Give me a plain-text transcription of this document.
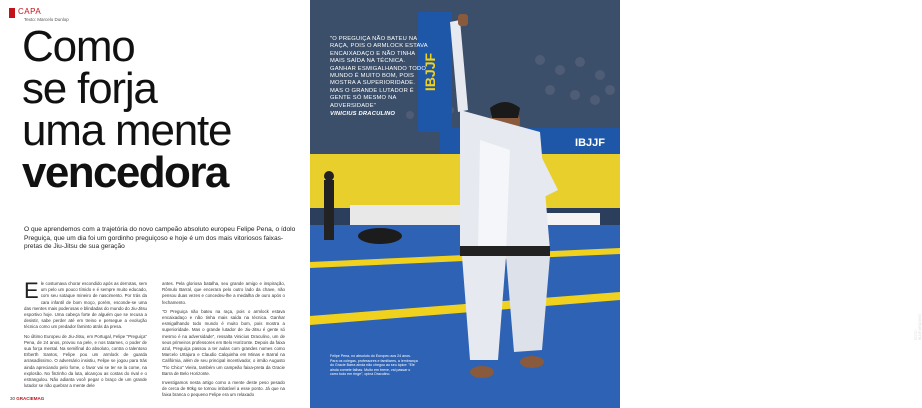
CAPA
Texto: Marcelo Dunlop
Como
se forja
uma mente
vencedora
O que aprendemos com a trajetória do novo campeão absoluto europeu Felipe Pena, o ídolo Preguiça, que um dia foi um gordinho preguiçoso e hoje é um dos mais vitoriosos faixas-pretas de Jiu-Jitsu de sua geração

Ele costumava chorar escondido após as derrotas, sem um pelo um pouco tímido e é sempre muito educado, com seu sotaque mineiro de nascimento. Por trás da cara infantil de bom moço, porém, esconde-se uma das mentes mais poderosas e blindadas do mundo do Jiu-Jitsu esportivo hoje. Uma cabeça forte de alguém que se recusa a desistir, sabe perder até em treino e persegue a evolução técnica como um predador faminto atrás da presa.

No último Europeu de Jiu-Jitsu, em Portugal, Felipe "Preguiça" Pena, de 24 anos, provou na pele, e nos tatames, o poder de sua força mental. Na semifinal do absoluto, contra o talentoso Erberth Santos, Felipe pou um armlock de guarda arrasadíssimo. O adversário insistiu, Felipe se jogou para trás ainda apreciando pelo fome, o favor vai se ter se la come, na explosão. No finzinho da luta, alcançou as costas do rival e o estrangulou. Não adianta você pegar o braço de um grande lutador se não quebrar a mente dele

antes. Pela gloriosa batalha, seu grande amigo e inspiração, Rômulo Barral, que encerara pelo outro lado da chave, não pensou duas vezes e concedeu-lhe a medalha de ouro após o fechamento.

"O Preguiça não bateu na raça, pois o armlock estava encaixadaço e não tinha mais saída na técnica. Ganhar esmigalhando todo mundo é muito bom, pois mostra a superioridade. Mas o grande lutador de Jiu-Jitsu é gente só mesmo é na adversidade", ressalta Vinicius Draculino, um de seus primeiros professores em Belo Horizonte. Depois da faixa azul, Preguiça passou a ter aulas com grandes nomes como Marcelo Urtajura e Claudio Calquinha em Minas e Barral na Califórnia, além de seu principal incentivador, o irmão Augusto "Tio Chico" Vieira, também um campeão faixa-preta da Gracie Barra de Belo Horizonte.

Investigamos nesta artigo como a mente deste peso pesado de cerca de 90kg se tornou imbatível a esse ponto. Já que na faixa branca o pequeno Felipe era um relaxado

30 GRACIEMAG
IBJJF
IBJJF
FOTO: IBJJF/ARQUIVO
"O PREGUIÇA NÃO BATEU NA RAÇA, POIS O ARMLOCK ESTAVA ENCAIXADAÇO E NÃO TINHA MAIS SAÍDA NA TÉCNICA. GANHAR ESMIGALHANDO TODO MUNDO É MUITO BOM, POIS MOSTRA A SUPERIORIDADE. MAS O GRANDE LUTADOR É GENTE SÓ MESMO NA ADVERSIDADE"
VINICIUS DRACULINO
Felipe Pena, no absoluto do Europeu aos 24 anos. Para os colegas, professores e familiares, a lembrança do Gracie Barra ainda não chegou ao seu ápice: "Ele ainda comete falhas. Muito em breve, vai passar o carro todo em ringe", opina Draculino.
